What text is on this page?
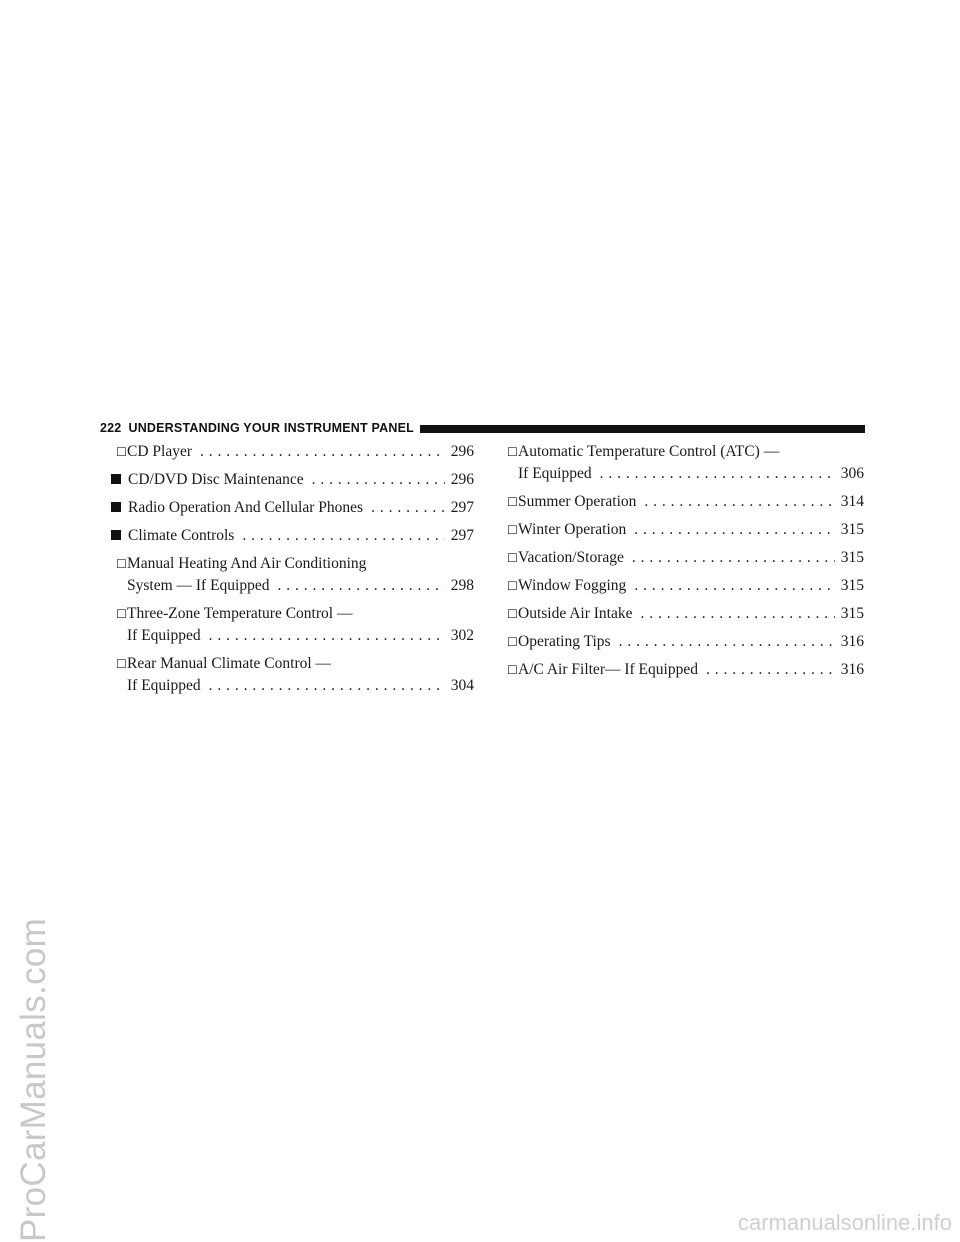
222 UNDERSTANDING YOUR INSTRUMENT PANEL
☐ CD Player . . .	296
CD/DVD Disc Maintenance . . .	296
Radio Operation And Cellular Phones . . .	297
Climate Controls . . .	297
☐ Manual Heating And Air Conditioning
System — If Equipped . . .	298
☐ Three-Zone Temperature Control —
If Equipped . . .	302
☐ Rear Manual Climate Control —
If Equipped . . .	304
☐ Automatic Temperature Control (ATC) —
If Equipped . . .	306
☐ Summer Operation . . .	314
☐ Winter Operation . . .	315
☐ Vacation/Storage . . .	315
☐ Window Fogging . . .	315
☐ Outside Air Intake . . .	315
☐ Operating Tips . . .	316
☐ A/C Air Filter— If Equipped . . .	316
ProCarManuals.com	carmanualsonline.info
